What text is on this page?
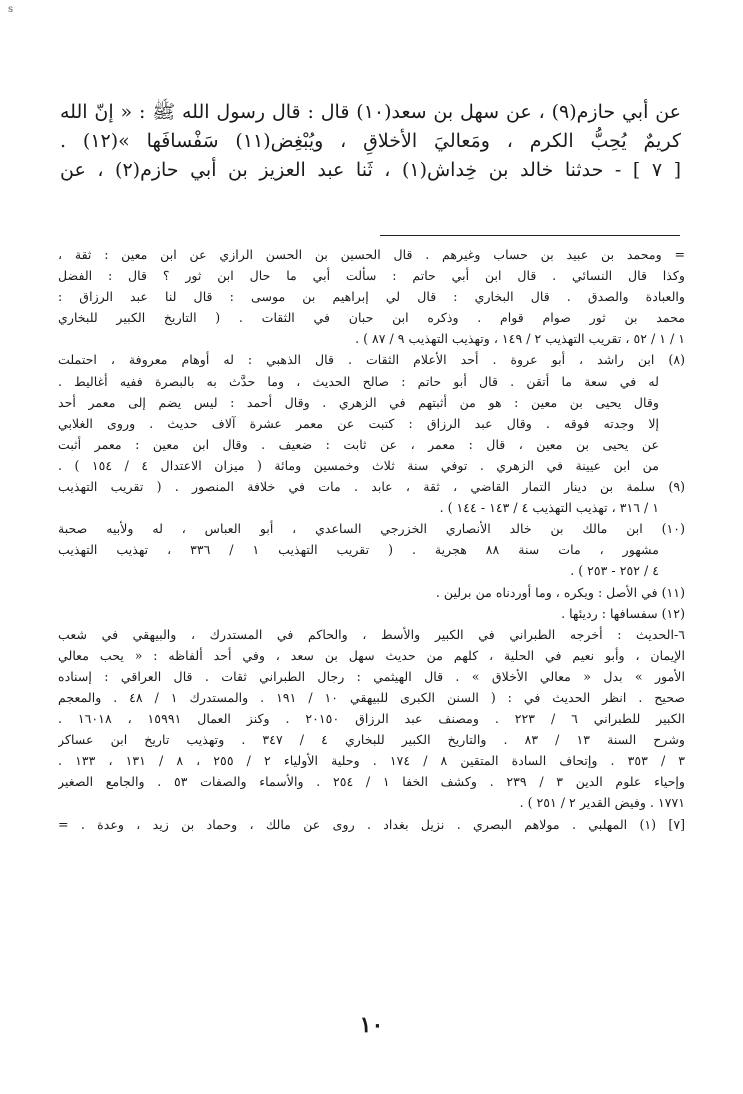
s
عن أبي حازم(٩) ، عن سهل بن سعد(١٠) قال : قال رسول الله ﷺ : « إنّ الله
كريمٌ يُحِبُّ الكرم ، ومَعاليَ الأخلاقِ ، ويُبْغِض(١١) سَفْسافَها »(١٢) .
[ ٧ ] - حدثنا خالد بن خِداش(١) ، ثَنا عبد العزيز بن أبي حازم(٢) ، عن
= ومحمد بن عبيد بن حساب وغيرهم . قال الحسين بن الحسن الرازي عن ابن معين : ثقة ،
وكذا قال النسائي . قال ابن أبي حاتم : سألت أبي ما حال ابن ثور ؟ قال : الفضل
والعبادة والصدق . قال البخاري : قال لي إبراهيم بن موسى : قال لنا عبد الرزاق :
محمد بن ثور صوام قوام . وذكره ابن حبان في الثقات . ( التاريخ الكبير للبخاري
١ / ١ / ٥٢ ، تقريب التهذيب ٢ / ١٤٩ ، وتهذيب التهذيب ٩ / ٨٧ ) .
(٨) ابن راشد ، أبو عروة . أحد الأعلام الثقات . قال الذهبي : له أوهام معروفة ، احتملت
له في سعة ما أتقن . قال أبو حاتم : صالح الحديث ، وما حدَّث به بالبصرة ففيه أغاليط .
وقال يحيى بن معين : هو من أثبتهم في الزهري . وقال أحمد : ليس يضم إلى معمر أحد
إلا وجدته فوقه . وقال عبد الرزاق : كتبت عن معمر عشرة آلاف حديث . وروى الغلابي
عن يحيى بن معين ، قال : معمر ، عن ثابت : ضعيف . وقال ابن معين : معمر أثبت
من ابن عيينة في الزهري . توفي سنة ثلاث وخمسين ومائة ( ميزان الاعتدال ٤ / ١٥٤ ) .
(٩) سلمة بن دينار التمار القاضي ، ثقة ، عابد . مات في خلافة المنصور . ( تقريب التهذيب
١ / ٣١٦ ، تهذيب التهذيب ٤ / ١٤٣ - ١٤٤ ) .
(١٠) ابن مالك بن خالد الأنصاري الخزرجي الساعدي ، أبو العباس ، له ولأبيه صحبة
مشهور ، مات سنة ٨٨ هجرية . ( تقريب التهذيب ١ / ٣٣٦ ، تهذيب التهذيب
٤ / ٢٥٢ - ٢٥٣ ) .
(١١) في الأصل : ويكره ، وما أوردناه من برلين .
(١٢) سفسافها : رديئها .
٦-الحديث : أخرجه الطبراني في الكبير والأسط ، والحاكم في المستدرك ، والبيهقي في شعب
الإيمان ، وأبو نعيم في الحلية ، كلهم من حديث سهل بن سعد ، وفي أحد ألفاظه : « يحب معالي
الأمور » بدل « معالي الأخلاق » . قال الهيثمي : رجال الطبراني ثقات . قال العراقي : إسناده
صحيح . انظر الحديث في : ( السنن الكبرى للبيهقي ١٠ / ١٩١ . والمستدرك ١ / ٤٨ . والمعجم
الكبير للطبراني ٦ / ٢٢٣ . ومصنف عبد الرزاق ٢٠١٥٠ . وكنز العمال ١٥٩٩١ ، ١٦٠١٨ .
وشرح السنة ١٣ / ٨٣ . والتاريخ الكبير للبخاري ٤ / ٣٤٧ . وتهذيب تاريخ ابن عساكر
٣ / ٣٥٣ . وإتحاف السادة المتقين ٨ / ١٧٤ . وحلية الأولياء ٢ / ٢٥٥ ، ٨ / ١٣١ ، ١٣٣ .
وإحياء علوم الدين ٣ / ٢٣٩ . وكشف الخفا ١ / ٢٥٤ . والأسماء والصفات ٥٣ . والجامع الصغير
١٧٧١ . وفيض القدير ٢ / ٢٥١ ) .
[٧] (١) المهلبي . مولاهم البصري . نزيل بغداد . روى عن مالك ، وحماد بن زيد ، وعدة . =
١٠
